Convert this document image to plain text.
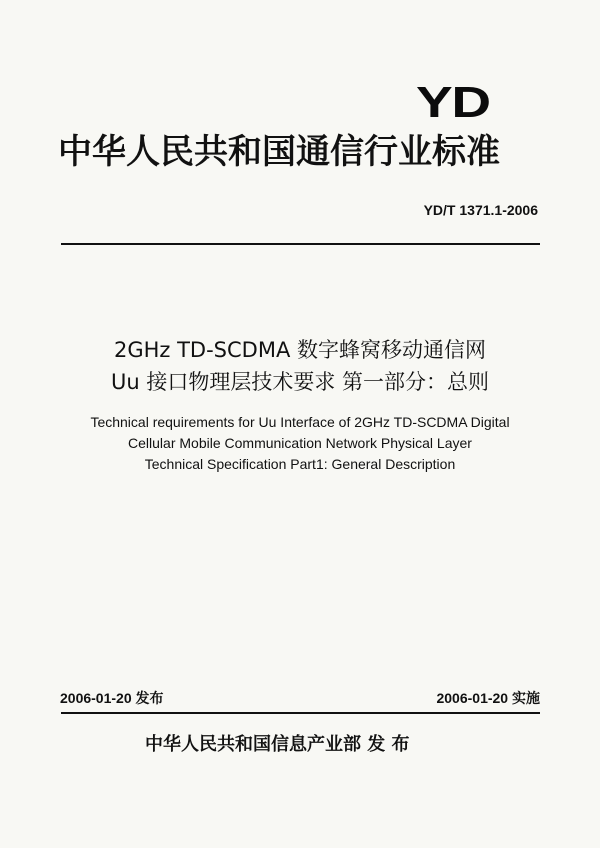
YD
中华人民共和国通信行业标准
YD/T 1371.1-2006
2GHz TD-SCDMA 数字蜂窝移动通信网
Uu 接口物理层技术要求 第一部分：总则
Technical requirements for Uu Interface of 2GHz TD-SCDMA Digital
Cellular Mobile Communication Network Physical Layer
Technical Specification Part1: General Description
2006-01-20 发布	2006-01-20 实施
中华人民共和国信息产业部 发 布
